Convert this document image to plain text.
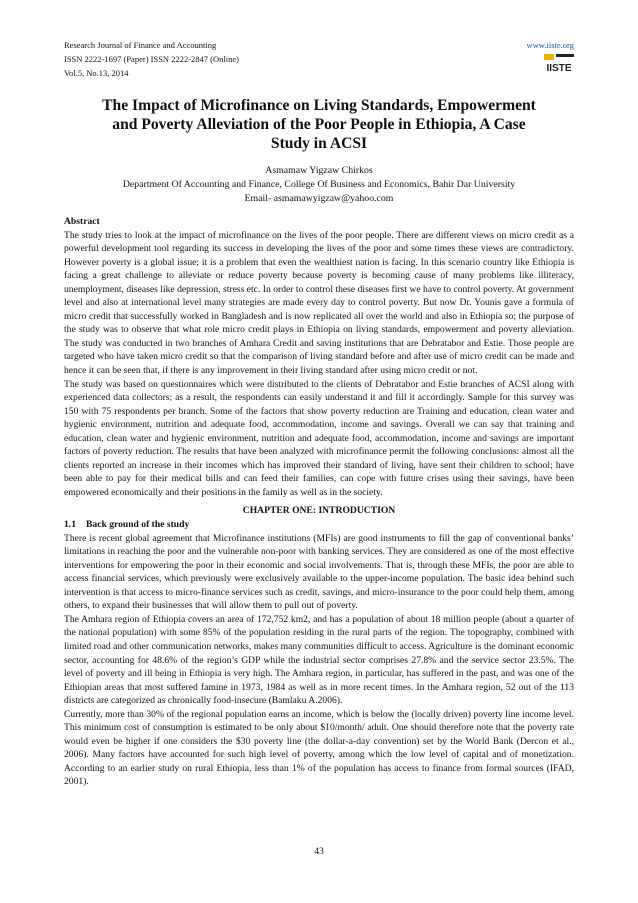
Research Journal of Finance and Accounting
ISSN 2222-1697 (Paper) ISSN 2222-2847 (Online)
Vol.5, No.13, 2014
www.iiste.org
IISTE
The Impact of Microfinance on Living Standards, Empowerment
and Poverty Alleviation of the Poor People in Ethiopia, A Case
Study in ACSI
Asmamaw Yigzaw Chirkos
Department Of Accounting and Finance, College Of Business and Economics, Bahir Dar University
Email- asmamawyigzaw@yahoo.com

Abstract

The study tries to look at the impact of microfinance on the lives of the poor people. There are different views on micro credit as a powerful development tool regarding its success in developing the lives of the poor and some times these views are contradictory. However poverty is a global issue; it is a problem that even the wealthiest nation is facing. In this scenario country like Ethiopia is facing a great challenge to alleviate or reduce poverty because poverty is becoming cause of many problems like illiteracy, unemployment, diseases like depression, stress etc. In order to control these diseases first we have to control poverty. At government level and also at international level many strategies are made every day to control poverty. But now Dr. Younis gave a formula of micro credit that successfully worked in Bangladesh and is now replicated all over the world and also in Ethiopia so; the purpose of the study was to observe that what role micro credit plays in Ethiopia on living standards, empowerment and poverty alleviation. The study was conducted in two branches of Amhara Credit and saving institutions that are Debratabor and Estie. Those people are targeted who have taken micro credit so that the comparison of living standard before and after use of micro credit can be made and hence it can be seen that, if there is any improvement in their living standard after using micro credit or not.

The study was based on questionnaires which were distributed to the clients of Debratabor and Estie branches of ACSI along with experienced data collectors; as a result, the respondents can easily understand it and fill it accordingly. Sample for this survey was 150 with 75 respondents per branch. Some of the factors that show poverty reduction are Training and education, clean water and hygienic environment, nutrition and adequate food, accommodation, income and savings. Overall we can say that training and education, clean water and hygienic environment, nutrition and adequate food, accommodation, income and savings are important factors of poverty reduction. The results that have been analyzed with microfinance permit the following conclusions: almost all the clients reported an increase in their incomes which has improved their standard of living, have sent their children to school; have been able to pay for their medical bills and can feed their families, can cope with future crises using their savings, have been empowered economically and their positions in the family as well as in the society.

CHAPTER ONE: INTRODUCTION

1.1 Back ground of the study

There is recent global agreement that Microfinance institutions (MFIs) are good instruments to fill the gap of conventional banks’ limitations in reaching the poor and the vulnerable non-poor with banking services. They are considered as one of the most effective interventions for empowering the poor in their economic and social involvements. That is, through these MFIs, the poor are able to access financial services, which previously were exclusively available to the upper-income population. The basic idea behind such intervention is that access to micro-finance services such as credit, savings, and micro-insurance to the poor could help them, among others, to expand their businesses that will allow them to pull out of poverty.

The Amhara region of Ethiopia covers an area of 172,752 km2, and has a population of about 18 million people (about a quarter of the national population) with some 85% of the population residing in the rural parts of the region. The topography, combined with limited road and other communication networks, makes many communities difficult to access. Agriculture is the dominant economic sector, accounting for 48.6% of the region’s GDP while the industrial sector comprises 27.8% and the service sector 23.5%. The level of poverty and ill being in Ethiopia is very high. The Amhara region, in particular, has suffered in the past, and was one of the Ethiopian areas that most suffered famine in 1973, 1984 as well as in more recent times. In the Amhara region, 52 out of the 113 districts are categorized as chronically food-insecure (Bamlaku A.2006).

Currently, more than 30% of the regional population earns an income, which is below the (locally driven) poverty line income level. This minimum cost of consumption is estimated to be only about $10/month/ adult. One should therefore note that the poverty rate would even be higher if one considers the $30 poverty line (the dollar-a-day convention) set by the World Bank (Dercon et al., 2006). Many factors have accounted for such high level of poverty, among which the low level of capital and of monetization. According to an earlier study on rural Ethiopia, less than 1% of the population has access to finance from formal sources (IFAD, 2001).

43
